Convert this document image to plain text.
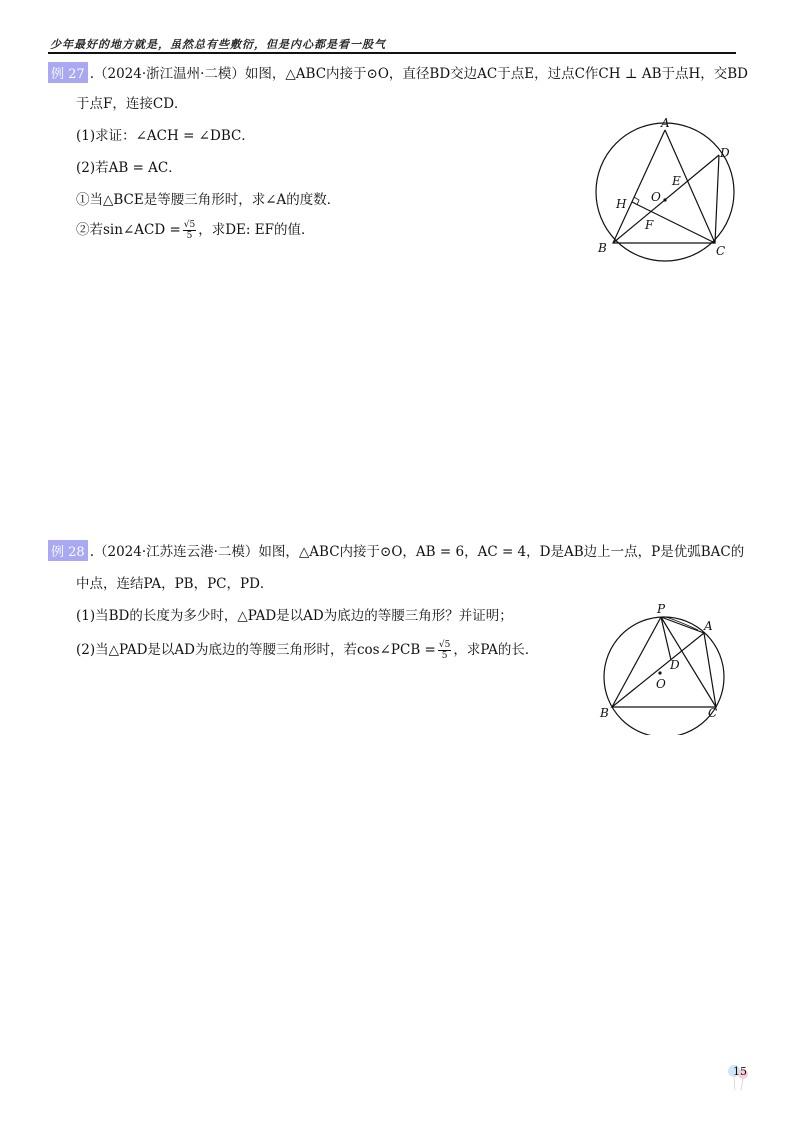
少年最好的地方就是，虽然总有些敷衍，但是内心都是看一股气
例 27 .（2024·浙江温州·二模）如图，△ABC内接于⊙O，直径BD交边AC于点E，过点C作CH ⊥ AB于点H，交BD
于点F，连接CD．
(1)求证：∠ACH = ∠DBC．
(2)若AB = AC．
①当△BCE是等腰三角形时，求∠A的度数．
②若sin∠ACD = $\frac{√5}{5}$ ，求DE: EF的值．
A
B	C
D
O
E
F
H
例 28 .（2024·江苏连云港·二模）如图，△ABC内接于⊙O，AB = 6，AC = 4，D是AB边上一点，P是优弧BAC的
中点，连结PA，PB，PC，PD．
(1)当BD的长度为多少时，△PAD是以AD为底边的等腰三角形？并证明；
(2)当△PAD是以AD为底边的等腰三角形时，若cos∠PCB = $\frac{√5}{5}$ ，求PA的长．
P
A
B	C
D
O
15
